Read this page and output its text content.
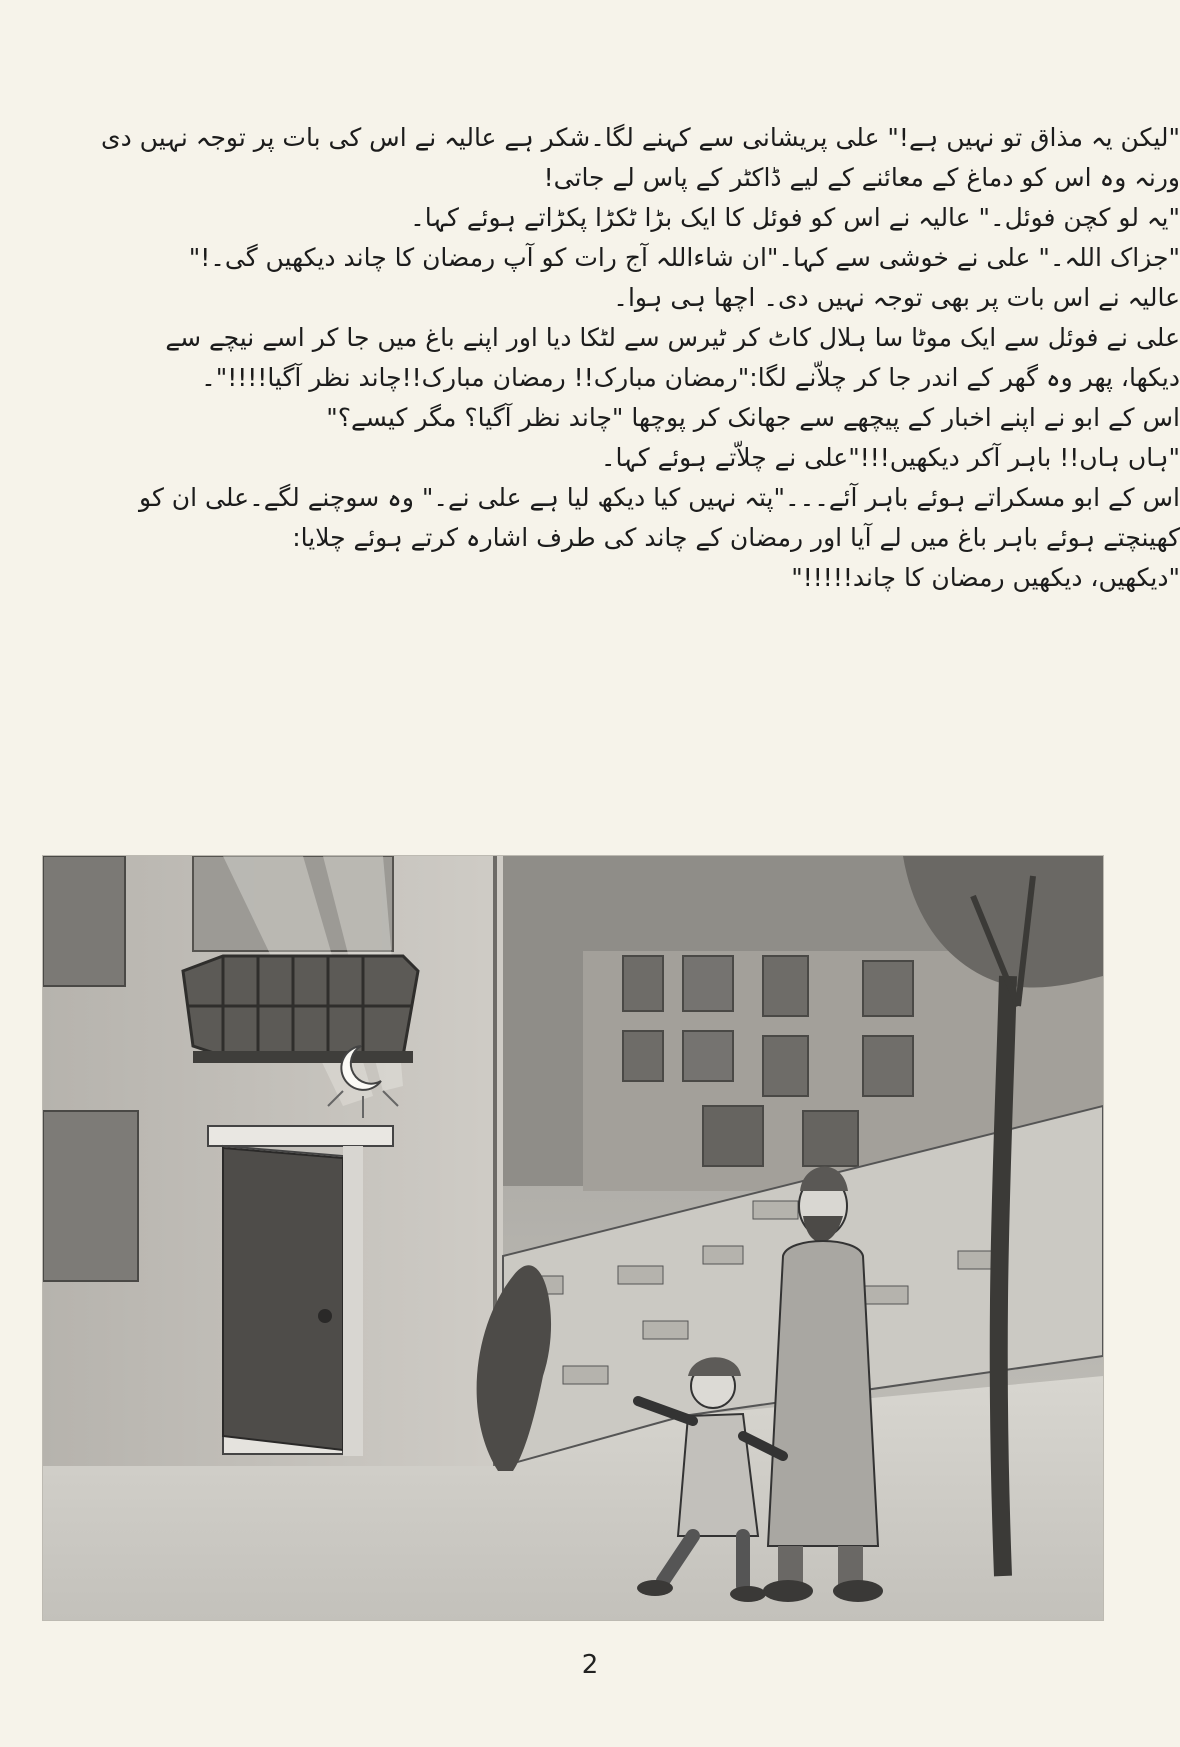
"لیکن یہ مذاق تو نہیں ہے!" علی پریشانی سے کہنے لگا۔شکر ہے عالیہ نے اس کی بات پر توجہ نہیں دی
ورنہ وہ اس کو دماغ کے معائنے کے لیے ڈاکٹر کے پاس لے جاتی!
"یہ لو کچن فوئل۔" عالیہ نے اس کو فوئل کا ایک بڑا ٹکڑا پکڑاتے ہوئے کہا۔
"جزاک اللہ۔" علی نے خوشی سے کہا۔"ان شاءاللہ آج رات کو آپ رمضان کا چاند دیکھیں گی۔!"
عالیہ نے اس بات پر بھی توجہ نہیں دی۔ اچھا ہی ہوا۔
علی نے فوئل سے ایک موٹا سا ہلال کاٹ کر ٹیرس سے لٹکا دیا اور اپنے باغ میں جا کر اسے نیچے سے
دیکھا، پھر وہ گھر کے اندر جا کر چلاّنے لگا:"رمضان مبارک!! رمضان مبارک!!چاند نظر آگیا!!!!"۔
اس کے ابو نے اپنے اخبار کے پیچھے سے جھانک کر پوچھا "چاند نظر آگیا؟ مگر کیسے؟"
"ہاں ہاں!! باہر آکر دیکھیں!!!"علی نے چلاّتے ہوئے کہا۔
اس کے ابو مسکراتے ہوئے باہر آئے۔۔۔"پتہ نہیں کیا دیکھ لیا ہے علی نے۔" وہ سوچنے لگے۔علی ان کو
کھینچتے ہوئے باہر باغ میں لے آیا اور رمضان کے چاند کی طرف اشارہ کرتے ہوئے چلایا:
"دیکھیں، دیکھیں رمضان کا چاند!!!!!"
2
